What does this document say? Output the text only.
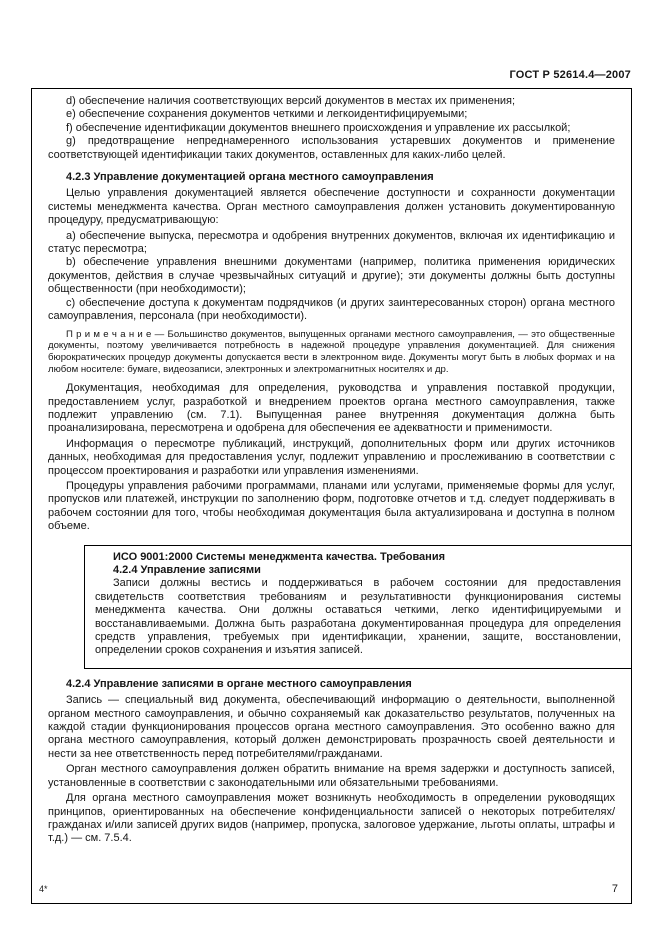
ГОСТ Р 52614.4—2007

d) обеспечение наличия соответствующих версий документов в местах их применения;

e) обеспечение сохранения документов четкими и легкоидентифицируемыми;

f) обеспечение идентификации документов внешнего происхождения и управление их рассылкой;

g) предотвращение непреднамеренного использования устаревших документов и применение соответствующей идентификации таких документов, оставленных для каких-либо целей.

4.2.3 Управление документацией органа местного самоуправления

Целью управления документацией является обеспечение доступности и сохранности документации системы менеджмента качества. Орган местного самоуправления должен установить документированную процедуру, предусматривающую:

a) обеспечение выпуска, пересмотра и одобрения внутренних документов, включая их идентификацию и статус пересмотра;

b) обеспечение управления внешними документами (например, политика применения юридических документов, действия в случае чрезвычайных ситуаций и другие); эти документы должны быть доступны общественности (при необходимости);

c) обеспечение доступа к документам подрядчиков (и других заинтересованных сторон) органа местного самоуправления, персонала (при необходимости).

П р и м е ч а н и е — Большинство документов, выпущенных органами местного самоуправления, — это общественные документы, поэтому увеличивается потребность в надежной процедуре управления документацией. Для снижения бюрократических процедур документы допускается вести в электронном виде. Документы могут быть в любых формах и на любом носителе: бумаге, видеозаписи, электронных и электромагнитных носителях и др.

Документация, необходимая для определения, руководства и управления поставкой продукции, предоставлением услуг, разработкой и внедрением проектов органа местного самоуправления, также подлежит управлению (см. 7.1). Выпущенная ранее внутренняя документация должна быть проанализирована, пересмотрена и одобрена для обеспечения ее адекватности и применимости.

Информация о пересмотре публикаций, инструкций, дополнительных форм или других источников данных, необходимая для предоставления услуг, подлежит управлению и прослеживанию в соответствии с процессом проектирования и разработки или управления изменениями.

Процедуры управления рабочими программами, планами или услугами, применяемые формы для услуг, пропусков или платежей, инструкции по заполнению форм, подготовке отчетов и т.д. следует поддерживать в рабочем состоянии для того, чтобы необходимая документация была актуализирована и доступна в полном объеме.

ИСО 9001:2000 Системы менеджмента качества. Требования

4.2.4 Управление записями

Записи должны вестись и поддерживаться в рабочем состоянии для предоставления свидетельств соответствия требованиям и результативности функционирования системы менеджмента качества. Они должны оставаться четкими, легко идентифицируемыми и восстанавливаемыми. Должна быть разработана документированная процедура для определения средств управления, требуемых при идентификации, хранении, защите, восстановлении, определении сроков сохранения и изъятия записей.

4.2.4 Управление записями в органе местного самоуправления

Запись — специальный вид документа, обеспечивающий информацию о деятельности, выполненной органом местного самоуправления, и обычно сохраняемый как доказательство результатов, полученных на каждой стадии функционирования процессов органа местного самоуправления. Это особенно важно для органа местного самоуправления, который должен демонстрировать прозрачность своей деятельности и нести за нее ответственность перед потребителями/гражданами.

Орган местного самоуправления должен обратить внимание на время задержки и доступность записей, установленные в соответствии с законодательными или обязательными требованиями.

Для органа местного самоуправления может возникнуть необходимость в определении руководящих принципов, ориентированных на обеспечение конфиденциальности записей о некоторых потребителях/гражданах и/или записей других видов (например, пропуска, залоговое удержание, льготы оплаты, штрафы и т.д.) — см. 7.5.4.

4*	7
